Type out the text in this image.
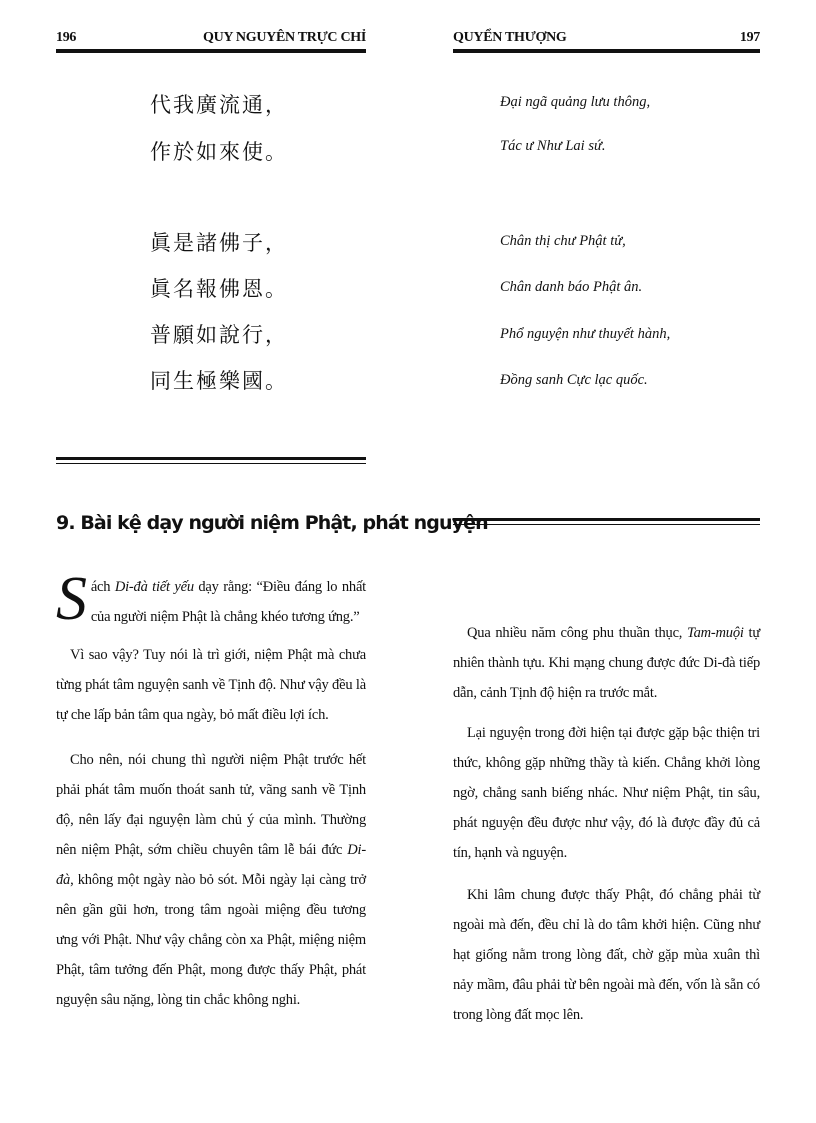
196	QUY NGUYÊN TRỰC CHỈ
代我廣流通，
作於如來使。
眞是諸佛子，
眞名報佛恩。
普願如說行，
同生極樂國。
9. Bài kệ dạy người niệm Phật, phát nguyện

Sách Di-đà tiết yếu dạy rằng: “Điều đáng lo nhất của người niệm Phật là chẳng khéo tương ứng.”

Vì sao vậy? Tuy nói là trì giới, niệm Phật mà chưa từng phát tâm nguyện sanh về Tịnh độ. Như vậy đều là tự che lấp bản tâm qua ngày, bỏ mất điều lợi ích.

Cho nên, nói chung thì người niệm Phật trước hết phải phát tâm muốn thoát sanh tử, vãng sanh về Tịnh độ, nên lấy đại nguyện làm chủ ý của mình. Thường nên niệm Phật, sớm chiều chuyên tâm lễ bái đức Di-đà, không một ngày nào bỏ sót. Mỗi ngày lại càng trở nên gần gũi hơn, trong tâm ngoài miệng đều tương ưng với Phật. Như vậy chẳng còn xa Phật, miệng niệm Phật, tâm tưởng đến Phật, mong được thấy Phật, phát nguyện sâu nặng, lòng tin chắc không nghi.

QUYỂN THƯỢNG	197
Đại ngã quảng lưu thông,
Tác ư Như Lai sứ.
Chân thị chư Phật tử,
Chân danh báo Phật ân.
Phổ nguyện như thuyết hành,
Đồng sanh Cực lạc quốc.

Qua nhiều năm công phu thuần thục, Tam-muội tự nhiên thành tựu. Khi mạng chung được đức Di-đà tiếp dẫn, cảnh Tịnh độ hiện ra trước mắt.

Lại nguyện trong đời hiện tại được gặp bậc thiện tri thức, không gặp những thầy tà kiến. Chẳng khởi lòng ngờ, chẳng sanh biếng nhác. Như niệm Phật, tin sâu, phát nguyện đều được như vậy, đó là được đầy đủ cả tín, hạnh và nguyện.

Khi lâm chung được thấy Phật, đó chẳng phải từ ngoài mà đến, đều chỉ là do tâm khởi hiện. Cũng như hạt giống nằm trong lòng đất, chờ gặp mùa xuân thì nảy mầm, đâu phải từ bên ngoài mà đến, vốn là sẵn có trong lòng đất mọc lên.
